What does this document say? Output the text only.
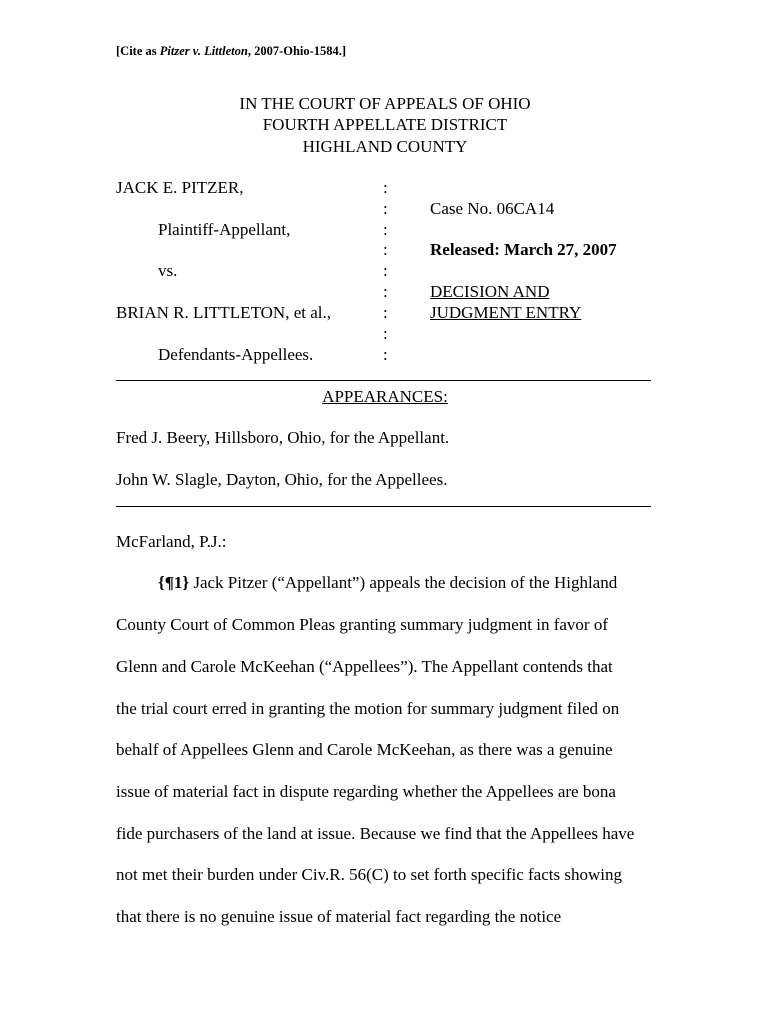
[Cite as Pitzer v. Littleton, 2007-Ohio-1584.]
IN THE COURT OF APPEALS OF OHIO
FOURTH APPELLATE DISTRICT
HIGHLAND COUNTY
JACK E. PITZER,
Plaintiff-Appellant,
vs.
BRIAN R. LITTLETON, et al.,
Defendants-Appellees.
:
:
:
:
:
:
:
:
:
Case No. 06CA14
Released: March 27, 2007
DECISION AND
JUDGMENT ENTRY
APPEARANCES:
Fred J. Beery, Hillsboro, Ohio, for the Appellant.
John W. Slagle, Dayton, Ohio, for the Appellees.
McFarland, P.J.:
{¶1} Jack Pitzer (“Appellant”) appeals the decision of the Highland
County Court of Common Pleas granting summary judgment in favor of
Glenn and Carole McKeehan (“Appellees”). The Appellant contends that
the trial court erred in granting the motion for summary judgment filed on
behalf of Appellees Glenn and Carole McKeehan, as there was a genuine
issue of material fact in dispute regarding whether the Appellees are bona
fide purchasers of the land at issue. Because we find that the Appellees have
not met their burden under Civ.R. 56(C) to set forth specific facts showing
that there is no genuine issue of material fact regarding the notice
